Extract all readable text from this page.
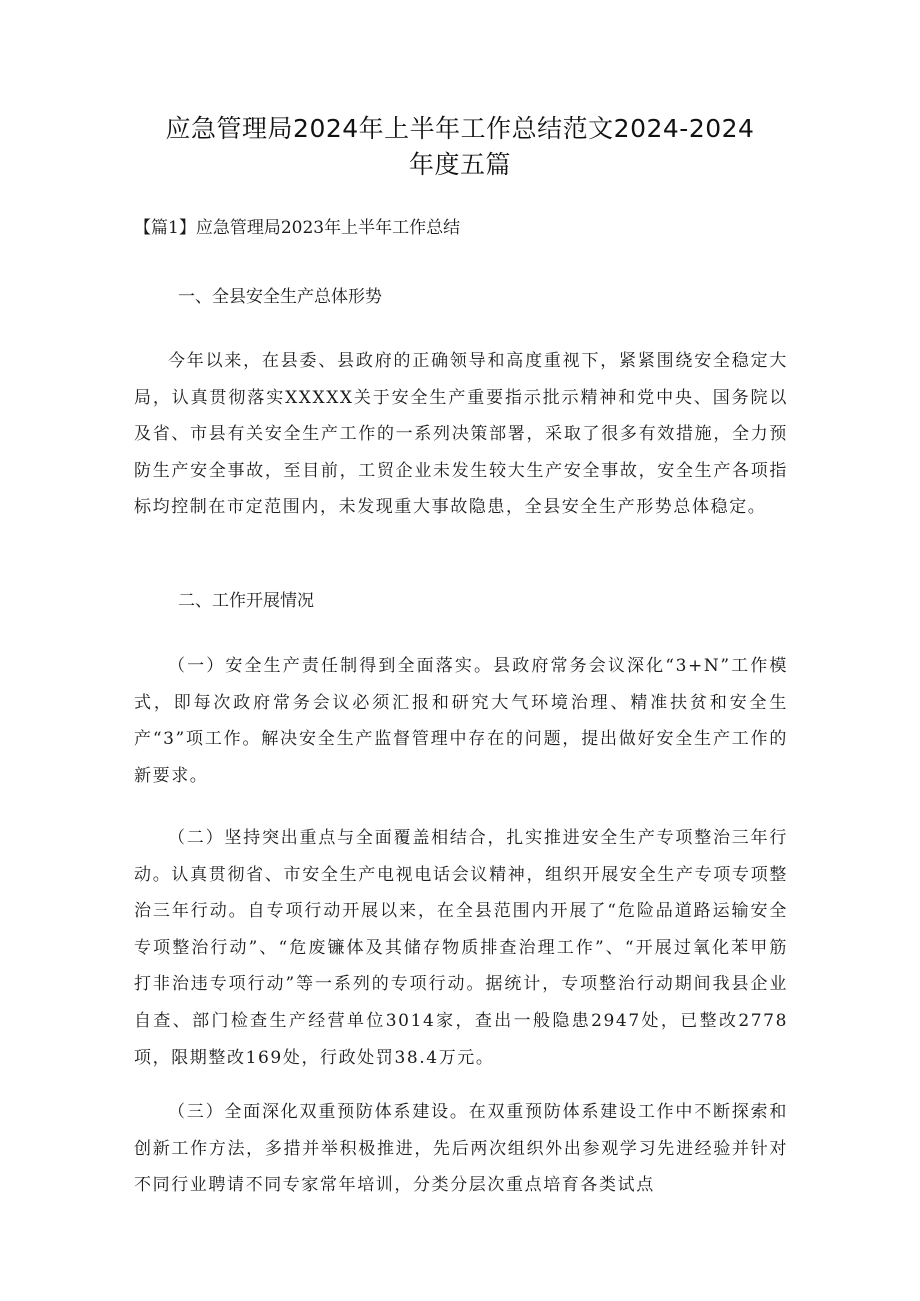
应急管理局2024年上半年工作总结范文2024-2024
年度五篇
【篇1】应急管理局2023年上半年工作总结
一、全县安全生产总体形势
今年以来，在县委、县政府的正确领导和高度重视下，紧紧围绕安全稳定大局，认真贯彻落实XXXXX关于安全生产重要指示批示精神和党中央、国务院以及省、市县有关安全生产工作的一系列决策部署，采取了很多有效措施，全力预防生产安全事故，至目前，工贸企业未发生较大生产安全事故，安全生产各项指标均控制在市定范围内，未发现重大事故隐患，全县安全生产形势总体稳定。
二、工作开展情况
（一）安全生产责任制得到全面落实。县政府常务会议深化“3+N”工作模式，即每次政府常务会议必须汇报和研究大气环境治理、精准扶贫和安全生产“3”项工作。解决安全生产监督管理中存在的问题，提出做好安全生产工作的新要求。
（二）坚持突出重点与全面覆盖相结合，扎实推进安全生产专项整治三年行动。认真贯彻省、市安全生产电视电话会议精神，组织开展安全生产专项专项整治三年行动。自专项行动开展以来，在全县范围内开展了“危险品道路运输安全专项整治行动”、“危废镰体及其储存物质排查治理工作”、“开展过氧化苯甲筋打非治违专项行动”等一系列的专项行动。据统计，专项整治行动期间我县企业自查、部门检查生产经营单位3014家，查出一般隐患2947处，已整改2778项，限期整改169处，行政处罚38.4万元。
（三）全面深化双重预防体系建设。在双重预防体系建设工作中不断探索和创新工作方法，多措并举积极推进，先后两次组织外出参观学习先进经验并针对不同行业聘请不同专家常年培训，分类分层次重点培育各类试点
